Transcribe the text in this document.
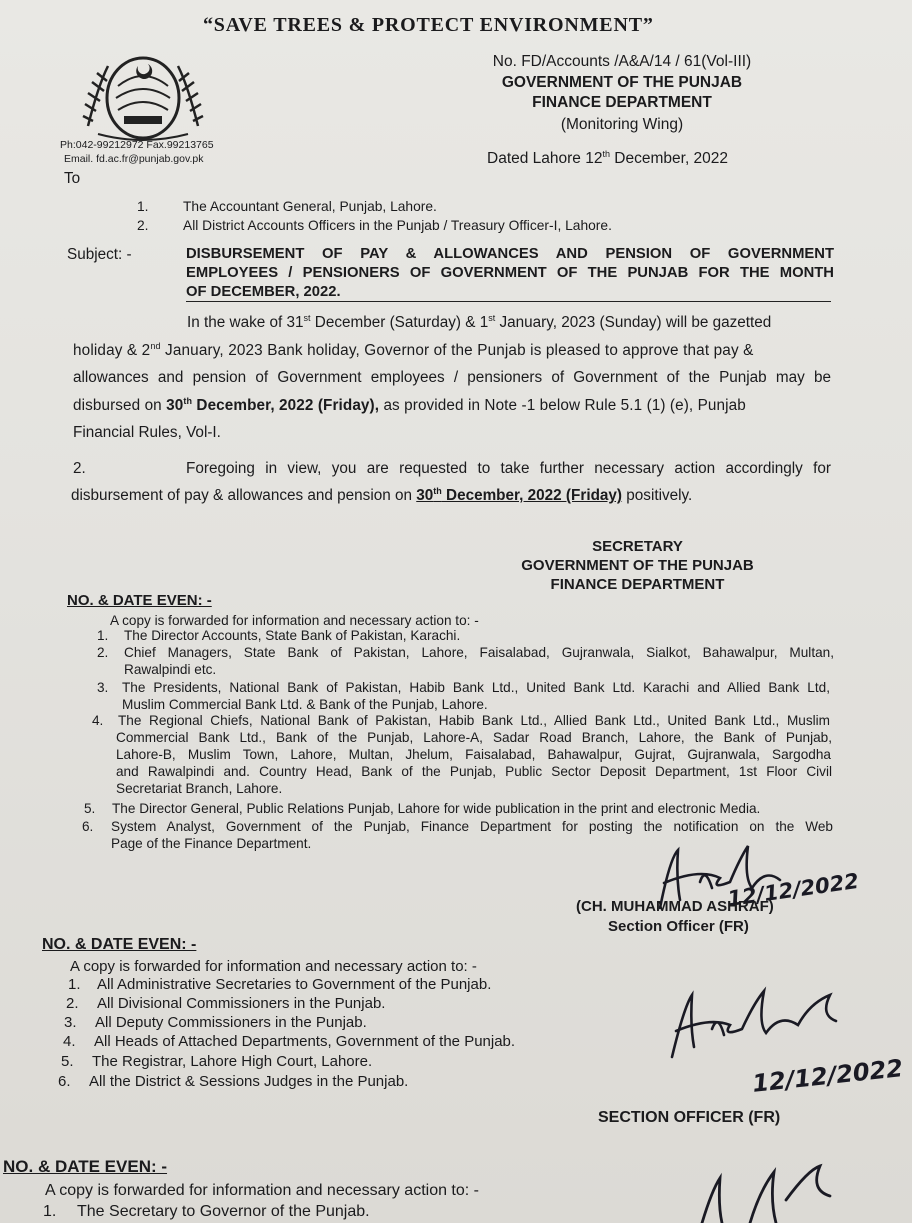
“SAVE TREES & PROTECT ENVIRONMENT”
No. FD/Accounts /A&A/14 / 61(Vol-III)
GOVERNMENT OF THE PUNJAB
FINANCE DEPARTMENT
(Monitoring Wing)
Dated Lahore 12th December, 2022
Ph:042-99212972 Fax.99213765
Email. fd.ac.fr@punjab.gov.pk
To
1. The Accountant General, Punjab, Lahore.
2. All District Accounts Officers in the Punjab / Treasury Officer-I, Lahore.
Subject: -	DISBURSEMENT OF PAY & ALLOWANCES AND PENSION OF GOVERNMENT
EMPLOYEES / PENSIONERS OF GOVERNMENT OF THE PUNJAB FOR THE MONTH
OF DECEMBER, 2022.
In the wake of 31st December (Saturday) & 1st January, 2023 (Sunday) will be gazetted
holiday & 2nd January, 2023 Bank holiday, Governor of the Punjab is pleased to approve that pay &
allowances and pension of Government employees / pensioners of Government of the Punjab may be
disbursed on 30th December, 2022 (Friday), as provided in Note -1 below Rule 5.1 (1) (e), Punjab
Financial Rules, Vol-I.
2.	Foregoing in view, you are requested to take further necessary action accordingly for
disbursement of pay & allowances and pension on 30th December, 2022 (Friday) positively.
SECRETARY
GOVERNMENT OF THE PUNJAB
FINANCE DEPARTMENT
NO. & DATE EVEN: -
A copy is forwarded for information and necessary action to: -
1. The Director Accounts, State Bank of Pakistan, Karachi.
2. Chief Managers, State Bank of Pakistan, Lahore, Faisalabad, Gujranwala, Sialkot, Bahawalpur, Multan,
Rawalpindi etc.
3. The Presidents, National Bank of Pakistan, Habib Bank Ltd., United Bank Ltd. Karachi and Allied Bank Ltd,
Muslim Commercial Bank Ltd. & Bank of the Punjab, Lahore.
4. The Regional Chiefs, National Bank of Pakistan, Habib Bank Ltd., Allied Bank Ltd., United Bank Ltd., Muslim
Commercial Bank Ltd., Bank of the Punjab, Lahore-A, Sadar Road Branch, Lahore, the Bank of Punjab,
Lahore-B, Muslim Town, Lahore, Multan, Jhelum, Faisalabad, Bahawalpur, Gujrat, Gujranwala, Sargodha
and Rawalpindi and. Country Head, Bank of the Punjab, Public Sector Deposit Department, 1st Floor Civil
Secretariat Branch, Lahore.
5. The Director General, Public Relations Punjab, Lahore for wide publication in the print and electronic Media.
6. System Analyst, Government of the Punjab, Finance Department for posting the notification on the Web
Page of the Finance Department.
12/12/2022
(CH. MUHAMMAD ASHRAF)
Section Officer (FR)
NO. & DATE EVEN: -
A copy is forwarded for information and necessary action to: -
1. All Administrative Secretaries to Government of the Punjab.
2. All Divisional Commissioners in the Punjab.
3. All Deputy Commissioners in the Punjab.
4. All Heads of Attached Departments, Government of the Punjab.
5. The Registrar, Lahore High Court, Lahore.
6. All the District & Sessions Judges in the Punjab.	12/12/2022
SECTION OFFICER (FR)
NO. & DATE EVEN: -
A copy is forwarded for information and necessary action to: -
1. The Secretary to Governor of the Punjab.
